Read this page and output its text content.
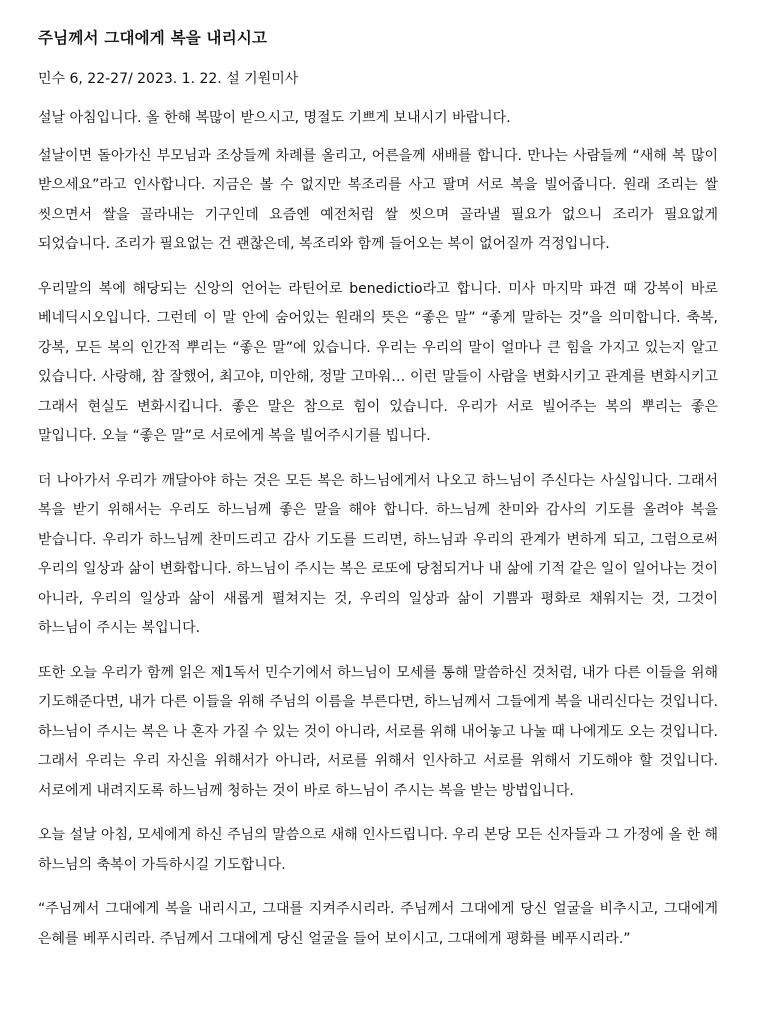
주님께서 그대에게 복을 내리시고
민수 6, 22-27/ 2023. 1. 22. 설 기원미사

설날 아침입니다. 올 한해 복많이 받으시고, 명절도 기쁘게 보내시기 바랍니다.

설날이면 돌아가신 부모님과 조상들께 차례를 올리고, 어른을께 새배를 합니다. 만나는 사람들께 “새해 복 많이 받으세요”라고 인사합니다. 지금은 볼 수 없지만 복조리를 사고 팔며 서로 복을 빌어줍니다. 원래 조리는 쌀 씻으면서 쌀을 골라내는 기구인데 요즘엔 예전처럼 쌀 씻으며 골라낼 필요가 없으니 조리가 필요없게 되었습니다. 조리가 필요없는 건 괜찮은데, 복조리와 함께 들어오는 복이 없어질까 걱정입니다.

우리말의 복에 해당되는 신앙의 언어는 라틴어로 benedictio라고 합니다. 미사 마지막 파견 때 강복이 바로 베네딕시오입니다. 그런데 이 말 안에 숨어있는 원래의 뜻은 “좋은 말” “좋게 말하는 것”을 의미합니다. 축복, 강복, 모든 복의 인간적 뿌리는 “좋은 말”에 있습니다. 우리는 우리의 말이 얼마나 큰 힘을 가지고 있는지 알고 있습니다. 사랑해, 참 잘했어, 최고야, 미안해, 정말 고마워… 이런 말들이 사람을 변화시키고 관계를 변화시키고 그래서 현실도 변화시킵니다. 좋은 말은 참으로 힘이 있습니다. 우리가 서로 빌어주는 복의 뿌리는 좋은 말입니다. 오늘 “좋은 말”로 서로에게 복을 빌어주시기를 빕니다.

더 나아가서 우리가 깨달아야 하는 것은 모든 복은 하느님에게서 나오고 하느님이 주신다는 사실입니다. 그래서 복을 받기 위해서는 우리도 하느님께 좋은 말을 해야 합니다. 하느님께 찬미와 감사의 기도를 올려야 복을 받습니다. 우리가 하느님께 찬미드리고 감사 기도를 드리면, 하느님과 우리의 관계가 변하게 되고, 그럼으로써 우리의 일상과 삶이 변화합니다. 하느님이 주시는 복은 로또에 당첨되거나 내 삶에 기적 같은 일이 일어나는 것이 아니라, 우리의 일상과 삶이 새롭게 펼쳐지는 것, 우리의 일상과 삶이 기쁨과 평화로 채워지는 것, 그것이 하느님이 주시는 복입니다.

또한 오늘 우리가 함께 읽은 제1독서 민수기에서 하느님이 모세를 통해 말씀하신 것처럼, 내가 다른 이들을 위해 기도해준다면, 내가 다른 이들을 위해 주님의 이름을 부른다면, 하느님께서 그들에게 복을 내리신다는 것입니다. 하느님이 주시는 복은 나 혼자 가질 수 있는 것이 아니라, 서로를 위해 내어놓고 나눌 때 나에게도 오는 것입니다. 그래서 우리는 우리 자신을 위해서가 아니라, 서로를 위해서 인사하고 서로를 위해서 기도해야 할 것입니다. 서로에게 내려지도록 하느님께 청하는 것이 바로 하느님이 주시는 복을 받는 방법입니다.

오늘 설날 아침, 모세에게 하신 주님의 말씀으로 새해 인사드립니다. 우리 본당 모든 신자들과 그 가정에 올 한 해 하느님의 축복이 가득하시길 기도합니다.

“주님께서 그대에게 복을 내리시고, 그대를 지켜주시리라. 주님께서 그대에게 당신 얼굴을 비추시고, 그대에게 은혜를 베푸시리라. 주님께서 그대에게 당신 얼굴을 들어 보이시고, 그대에게 평화를 베푸시리라.”
